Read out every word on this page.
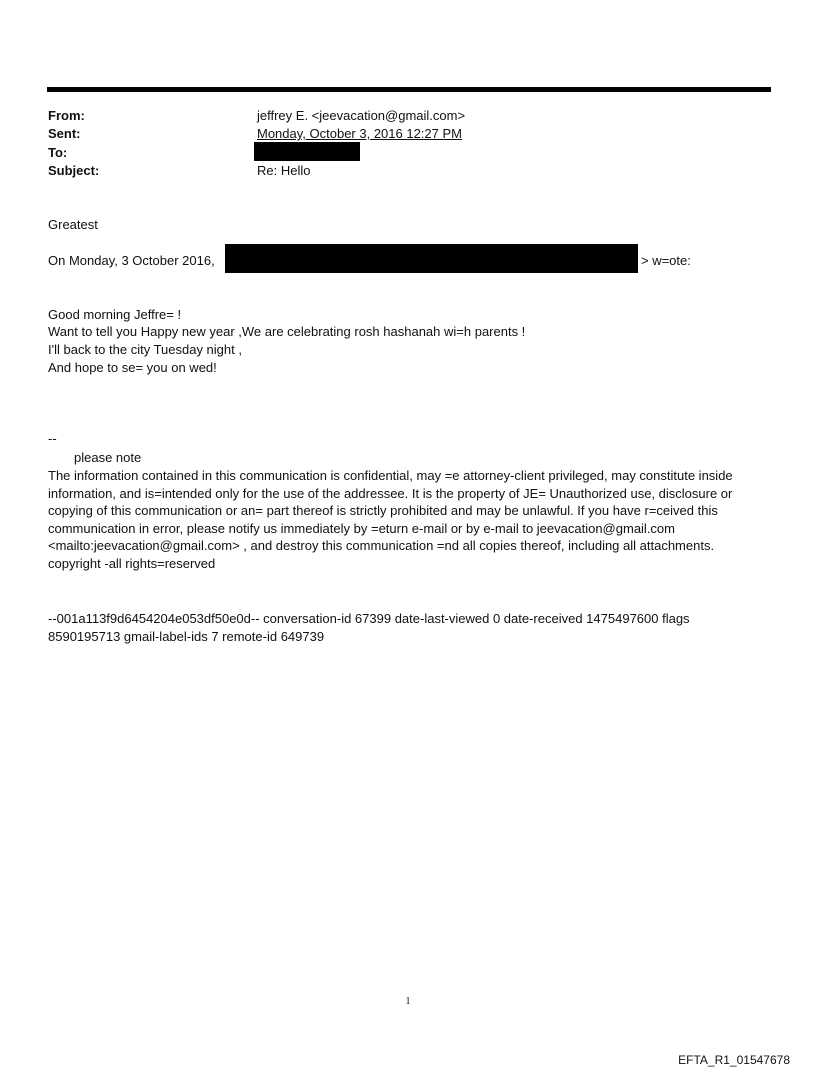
From:	jeffrey E. <jeevacation@gmail.com>
Sent:	Monday, October 3, 2016 12:27 PM
To:
Subject:	Re: Hello
Greatest
On Monday, 3 October 2016,	> w=ote:
Good morning Jeffre= !
Want to tell you Happy new year ,We are celebrating rosh hashanah wi=h parents !
I'll back to the city Tuesday night ,
And hope to se= you on wed!
--
please note

The information contained in this communication is confidential, may =e attorney-client privileged, may constitute inside information, and is=intended only for the use of the addressee. It is the property of JE= Unauthorized use, disclosure or copying of this communication or an= part thereof is strictly prohibited and may be unlawful. If you have r=ceived this communication in error, please notify us immediately by =eturn e-mail or by e-mail to jeevacation@gmail.com <mailto:jeevacation@gmail.com> , and destroy this communication =nd all copies thereof, including all attachments. copyright -all rights=reserved

--001a113f9d6454204e053df50e0d-- conversation-id 67399 date-last-viewed 0 date-received 1475497600 flags 8590195713 gmail-label-ids 7 remote-id 649739

1
EFTA_R1_01547678
